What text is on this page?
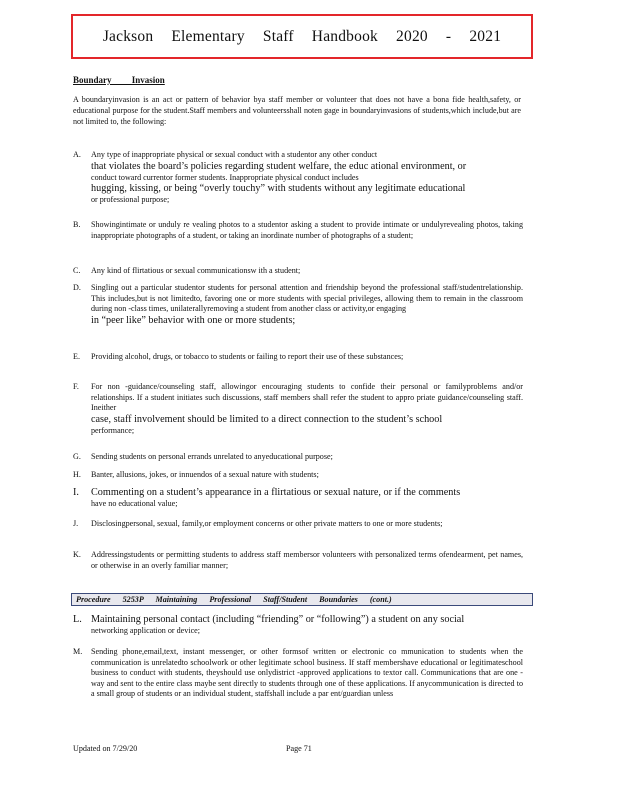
Jackson Elementary Staff Handbook 2020 - 2021
Boundary Invasion
A boundaryinvasion is an act or pattern of behavior bya staff member or volunteer that does not have a bona fide health,safety, or educational purpose for the student.Staff members and volunteersshall noten gage in boundaryinvasions of students,which include,but are not limited to, the following:
A.	Any type of inappropriate physical or sexual conduct with a studentor any other conduct
that violates the board’s policies regarding student welfare, the educ ational environment, or
conduct toward currentor former students. Inappropriate physical conduct includes
hugging, kissing, or being “overly touchy” with students without any legitimate educational
or professional purpose;
B.	Showingintimate or unduly re vealing photos to a studentor asking a student to provide intimate or undulyrevealing photos, taking inappropriate photographs of a student, or taking an inordinate number of photographs of a student;
C.	Any kind of flirtatious or sexual communicationsw ith a student;
D.	Singling out a particular studentor students for personal attention and friendship beyond the professional staff/studentrelationship. This includes,but is not limitedto, favoring one or more students with special privileges, allowing them to remain in the classroom during non -class times, unilaterallyremoving a student from another class or activity,or engaging
in “peer like” behavior with one or more students;
E.	Providing alcohol, drugs, or tobacco to students or failing to report their use of these substances;
F.	For non -guidance/counseling staff, allowingor encouraging students to confide their personal or familyproblems and/or relationships. If a student initiates such discussions, staff members shall refer the student to appro priate guidance/counseling staff. Ineither
case, staff involvement should be limited to a direct connection to the student’s school
performance;
G.	Sending students on personal errands unrelated to anyeducational purpose;
H.	Banter, allusions, jokes, or innuendos of a sexual nature with students;
I.	Commenting on a student’s appearance in a flirtatious or sexual nature, or if the comments
have no educational value;
J.	Disclosingpersonal, sexual, family,or employment concerns or other private matters to one or more students;
K.	Addressingstudents or permitting students to address staff membersor volunteers with personalized terms ofendearment, pet names, or otherwise in an overly familiar manner;
Procedure 5253P Maintaining Professional Staff/Student Boundaries (cont.)
L. Maintaining personal contact (including “friending” or “following”) a student on any social
networking application or device;
M.	Sending phone,email,text, instant messenger, or other formsof written or electronic co mmunication to students when the communication is unrelatedto schoolwork or other legitimate school business. If staff membershave educational or legitimateschool business to conduct with students, theyshould use onlydistrict -approved applications to textor call. Communications that are one -way and sent to the entire class maybe sent directly to students through one of these applications. If anycommunication is directed to a small group of students or an individual student, staffshall include a par ent/guardian unless
Updated on 7/29/20	Page 71
